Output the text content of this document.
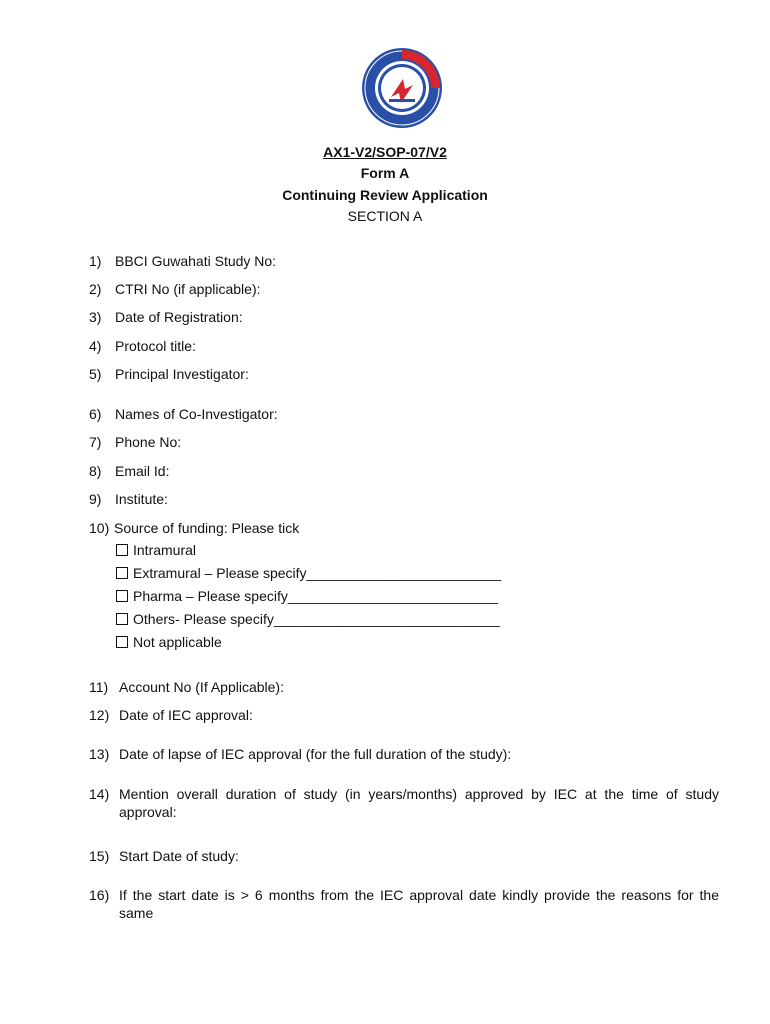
AX1-V2/SOP-07/V2
Form A
Continuing Review Application
SECTION A
1) BBCI Guwahati Study No:
2) CTRI No (if applicable):
3) Date of Registration:
4) Protocol title:
5) Principal Investigator:
6) Names of Co-Investigator:
7) Phone No:
8) Email Id:
9) Institute:
10) Source of funding: Please tick
Intramural
Extramural – Please specify_________________________
Pharma – Please specify___________________________
Others- Please specify_____________________________
Not applicable
11) Account No (If Applicable):
12) Date of IEC approval:
13) Date of lapse of IEC approval (for the full duration of the study):
14) Mention overall duration of study (in years/months) approved by IEC at the time of study approval:
15) Start Date of study:
16) If the start date is > 6 months from the IEC approval date kindly provide the reasons for the same
